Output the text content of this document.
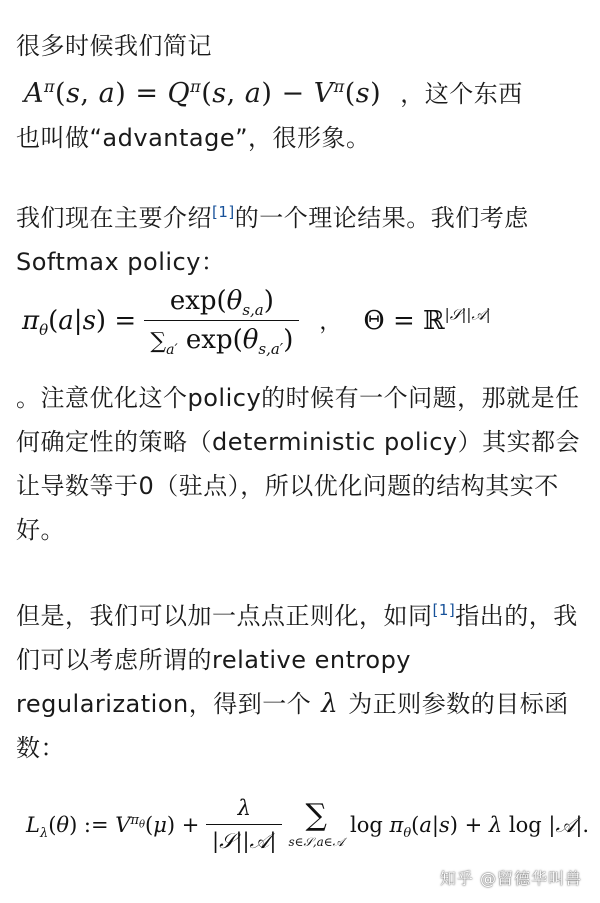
很多时候我们简记
$A^\pi(s$, $a) = Q^\pi(s$, $a) - V^\pi(s)$ ，这个东西
也叫做“advantage”，很形象。
我们现在主要介绍[1]的一个理论结果。我们考虑Softmax policy：
$\pi_\theta(a|s) = \frac{\exp(\theta_{s,a})}{\sum_{a'} \exp(\theta_{s,a'})}$ ， Θ = ℝ$^{|𝒮||𝒜|}$
。注意优化这个policy的时候有一个问题，那就是任何确定性的策略（deterministic policy）其实都会让导数等于0（驻点），所以优化问题的结构其实不好。
但是，我们可以加一点点正则化，如同[1]指出的，我们可以考虑所谓的relative entropy regularization，得到一个 λ 为正则参数的目标函数：
$L_\lambda(\theta)$ := $V^{\pi_\theta}(\mu) + \frac{\lambda}{\text{|𝒮||𝒜|}}$ ∑
s∈𝒮,a∈𝒜
$\log \pi_\theta(a|s) + \lambda$ log |𝒜|.
知乎 @留德华叫兽
